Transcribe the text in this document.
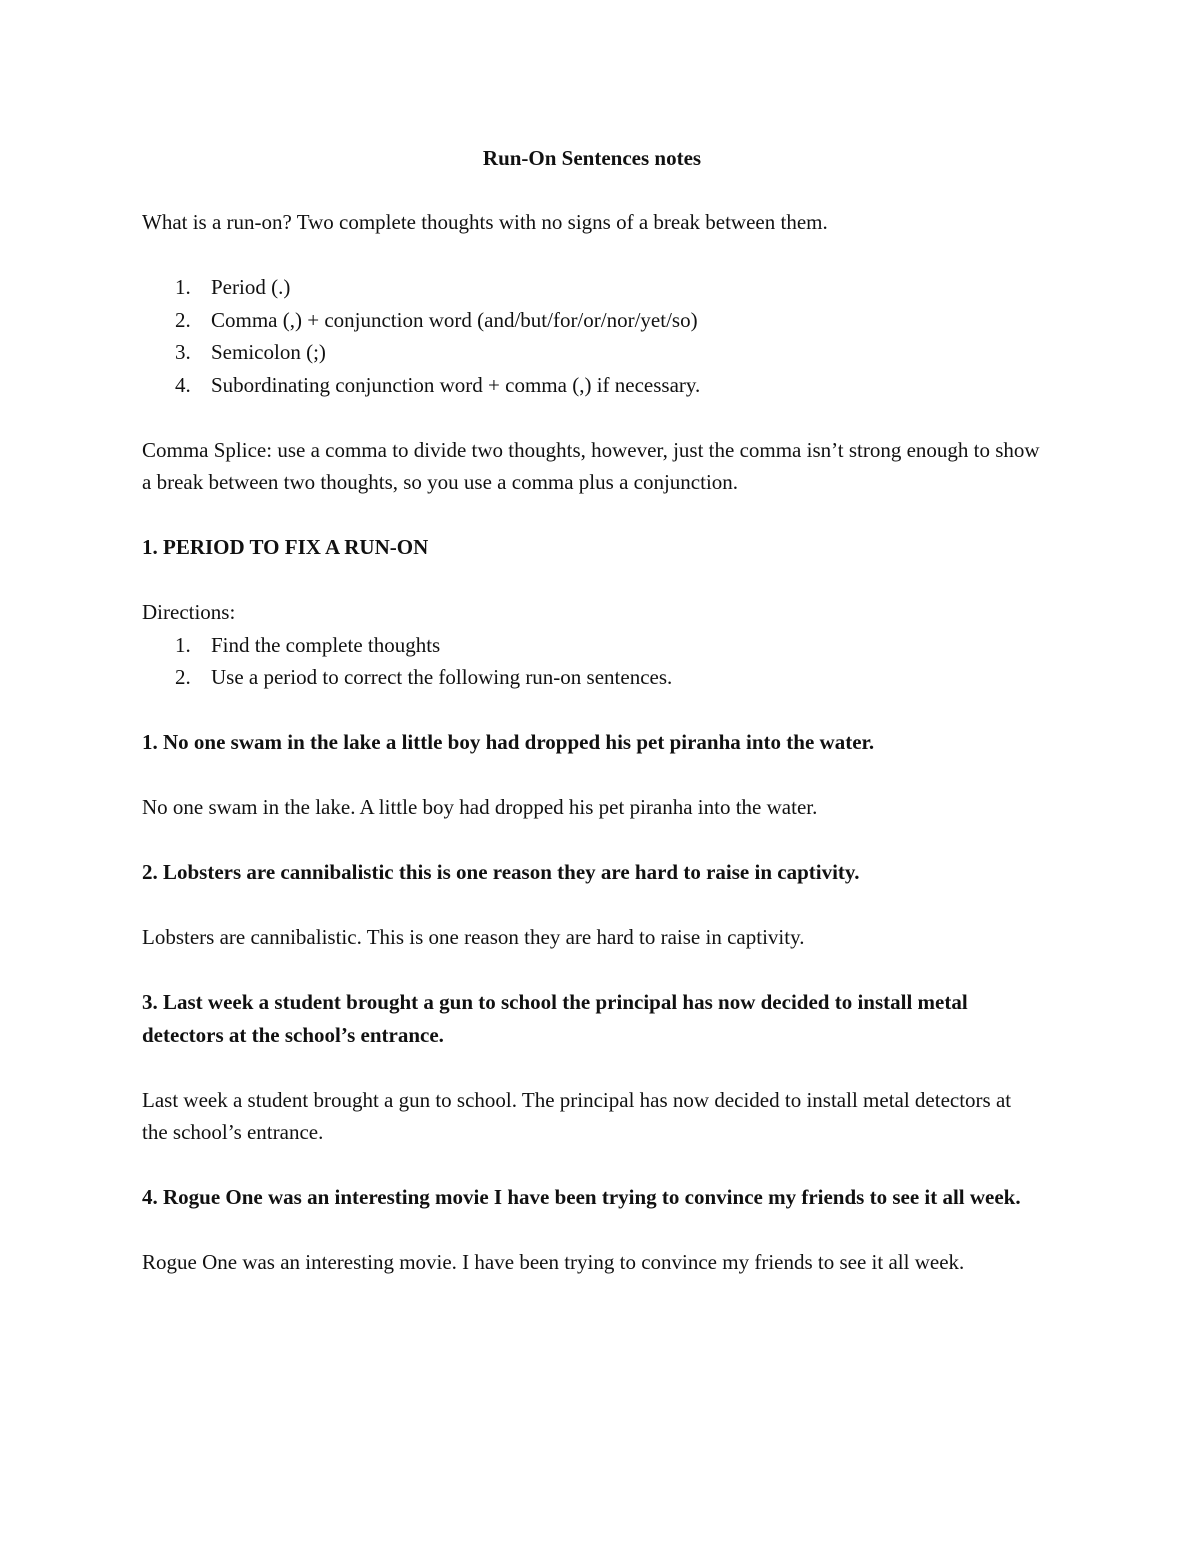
Run-On Sentences notes

What is a run-on? Two complete thoughts with no signs of a break between them.

1. Period (.)
2. Comma (,) + conjunction word (and/but/for/or/nor/yet/so)
3. Semicolon (;)
4. Subordinating conjunction word + comma (,) if necessary.

Comma Splice: use a comma to divide two thoughts, however, just the comma isn’t strong enough to show a break between two thoughts, so you use a comma plus a conjunction.

1. PERIOD TO FIX A RUN-ON

Directions:

1. Find the complete thoughts
2. Use a period to correct the following run-on sentences.

1. No one swam in the lake a little boy had dropped his pet piranha into the water.

No one swam in the lake. A little boy had dropped his pet piranha into the water.

2. Lobsters are cannibalistic this is one reason they are hard to raise in captivity.

Lobsters are cannibalistic. This is one reason they are hard to raise in captivity.

3. Last week a student brought a gun to school the principal has now decided to install metal detectors at the school’s entrance.

Last week a student brought a gun to school. The principal has now decided to install metal detectors at the school’s entrance.

4. Rogue One was an interesting movie I have been trying to convince my friends to see it all week.

Rogue One was an interesting movie. I have been trying to convince my friends to see it all week.
